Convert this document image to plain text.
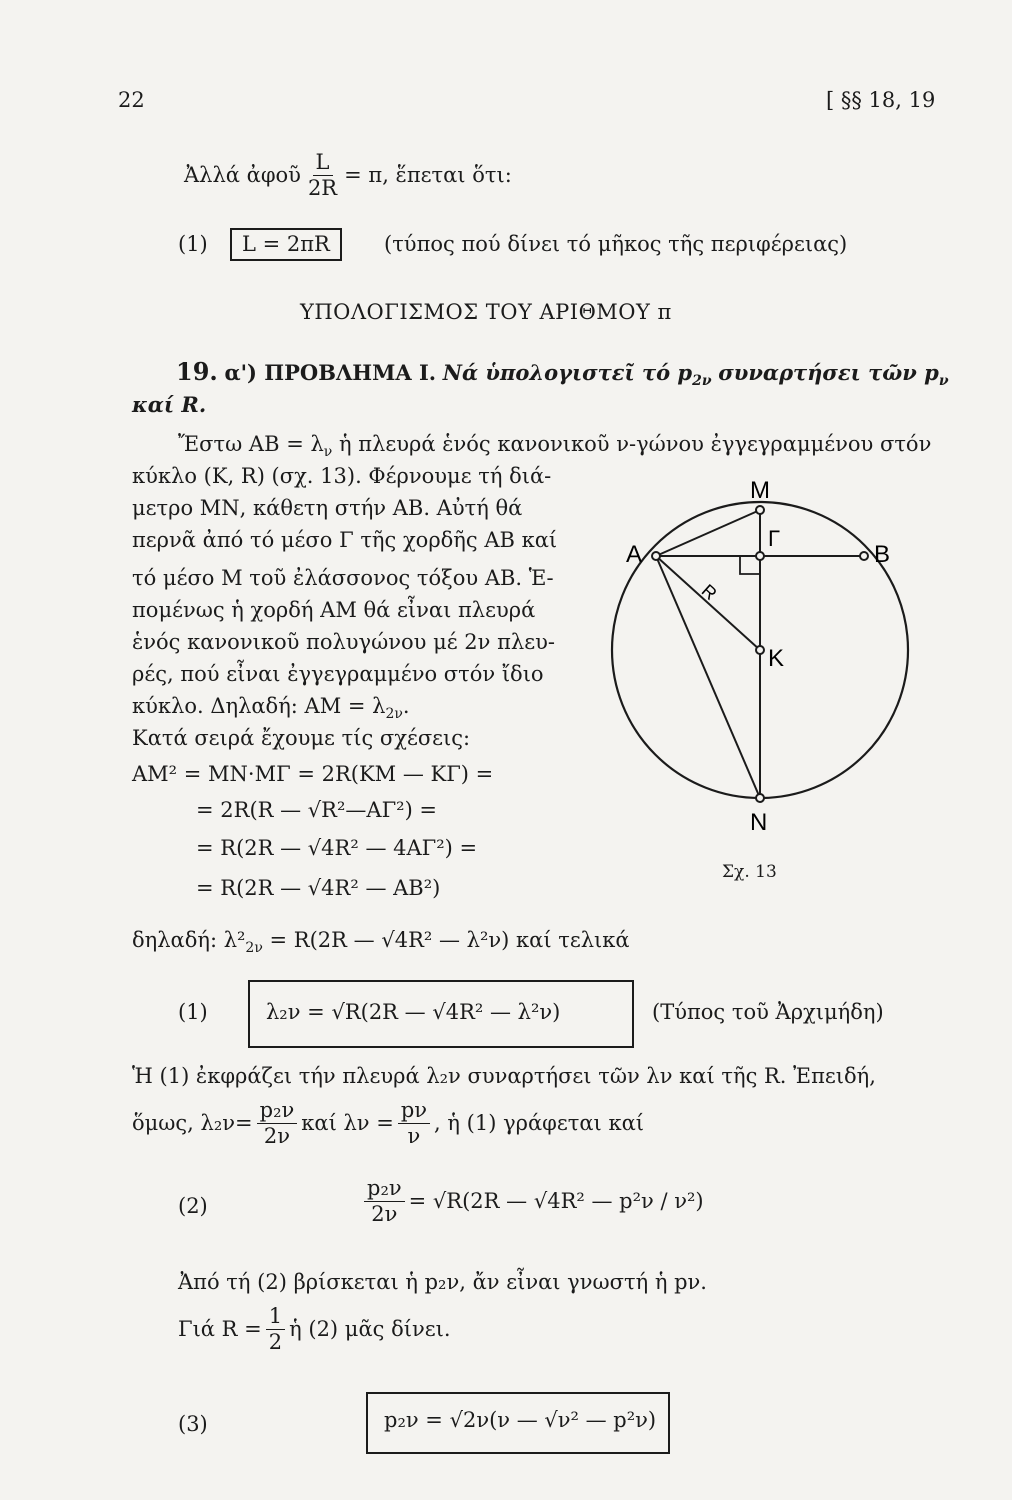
22	[ §§ 18, 19
Ἀλλά ἀφοῦ $\frac{L}{2R} = \pi$, ἕπεται ὅτι:
(1)	L = 2πR	(τύπος πού δίνει τό μῆκος τῆς περιφέρειας)
ΥΠΟΛΟΓΙΣΜΟΣ ΤΟΥ ΑΡΙΘΜΟΥ π
19. α') ΠΡΟΒΛΗΜΑ Ι. Νά ὑπολογιστεῖ τό $p_{2\nu}$ συναρτήσει τῶν $p_\nu$
καί R.
Ἔστω $AB = \lambda_\nu$ ἡ πλευρά ἑνός κανονικοῦ ν-γώνου ἐγγεγραμμένου στόν
κύκλο (Κ, R) (σχ. 13). Φέρνουμε τή διά-
μετρο ΜΝ, κάθετη στήν ΑΒ. Αὐτή θά
περνᾶ ἀπό τό μέσο Γ τῆς χορδῆς ΑΒ καί
τό μέσο Μ τοῦ ἐλάσσονος τόξου ΑΒ. Ἑ-
πομένως ἡ χορδή ΑΜ θά εἶναι πλευρά
ἑνός κανονικοῦ πολυγώνου μέ 2ν πλευ-
ρές, πού εἶναι ἐγγεγραμμένο στόν ἴδιο
κύκλο. Δηλαδή: $AM = \lambda_{2\nu}$.
Κατά σειρά ἔχουμε τίς σχέσεις:
ΑΜ² = ΜΝ·ΜΓ = 2R(ΚΜ — ΚΓ) =
= 2R(R — √R²—ΑΓ²) =
= R(2R — √4R² — 4ΑΓ²) =
= R(2R — √4R² — ΑΒ²)
δηλαδή: $\lambda^2_{2\nu} = R(2R$ — √4R² — λ²ν) καί τελικά
(1)	λ₂ν = √R(2R — √4R² — λ²ν)	(Τύπος τοῦ Ἀρχιμήδη)
Ἡ (1) ἐκφράζει τήν πλευρά λ₂ν συναρτήσει τῶν λν καί τῆς R. Ἐπειδή,
ὅμως, $\lambda_2\nu= \frac{\text{p₂ν}}{2\nu}$ καί $\lambda\nu = \frac{p\nu}{\nu}$ , ἡ (1) γράφεται καί
(2)	$\frac{\text{p₂ν}}{2\nu} = √R(2R$ — √4R² — p²ν / ν²)
Ἀπό τή (2) βρίσκεται ἡ p₂ν, ἄν εἶναι γνωστή ἡ pν.
Γιά $R = \frac{1}{2}$ ἡ (2) μᾶς δίνει.
(3)	p₂ν = √2ν(ν — √ν² — p²ν)
M
A	B
Γ
K
N
R
Σχ. 13
